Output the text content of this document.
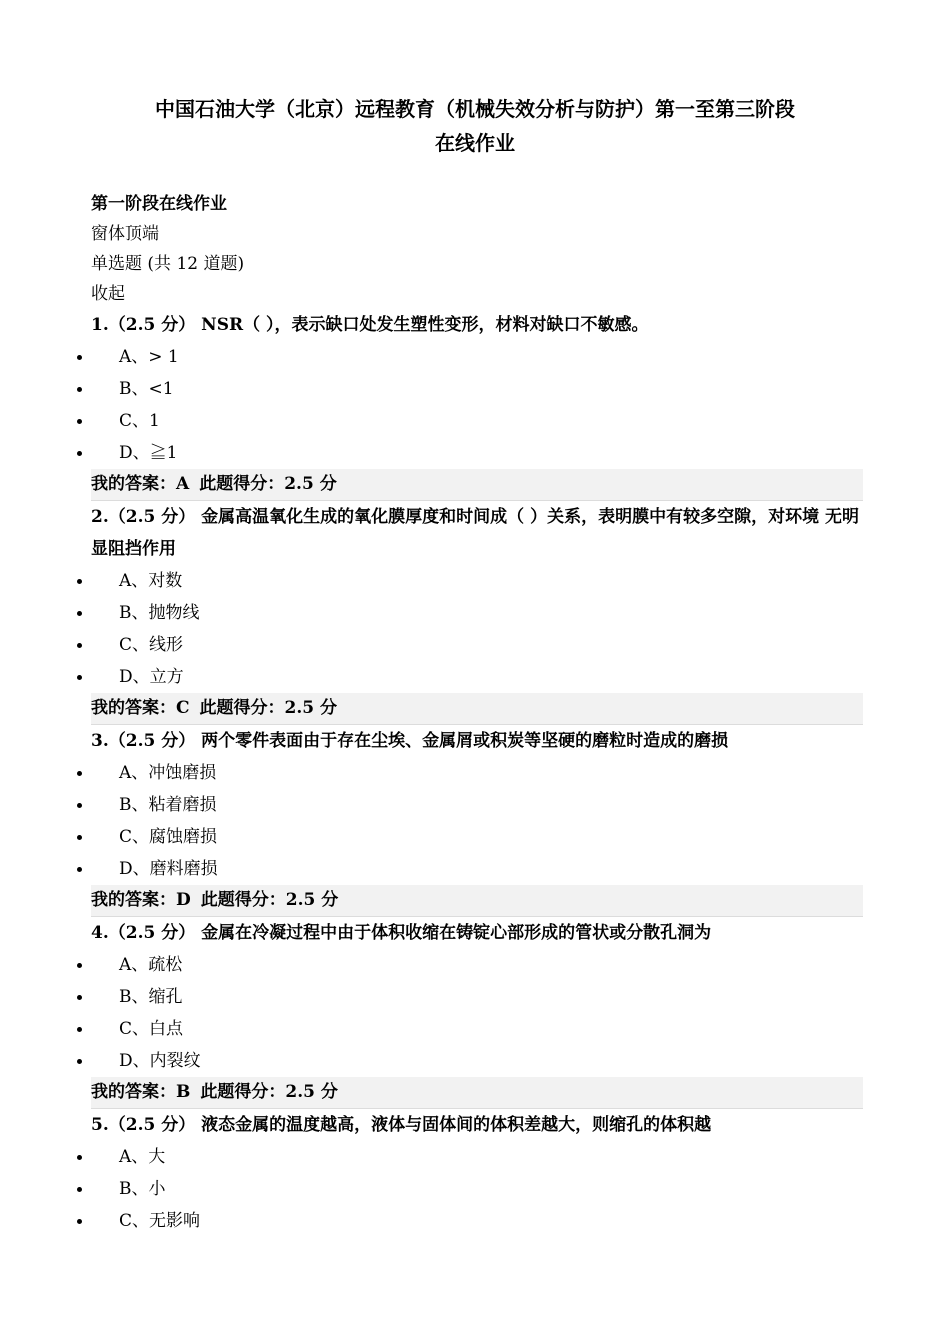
中国石油大学（北京）远程教育（机械失效分析与防护）第一至第三阶段
在线作业
第一阶段在线作业
窗体顶端
单选题 (共 12 道题)
收起
1.（2.5 分） NSR（ ），表示缺口处发生塑性变形，材料对缺口不敏感。
A、> 1
B、<1
C、1
D、≧1
我的答案：A 此题得分：2.5 分
2.（2.5 分） 金属高温氧化生成的氧化膜厚度和时间成（ ）关系，表明膜中有较多空隙，对环境 无明显阻挡作用
A、对数
B、抛物线
C、线形
D、立方
我的答案：C 此题得分：2.5 分
3.（2.5 分） 两个零件表面由于存在尘埃、金属屑或积炭等坚硬的磨粒时造成的磨损
A、冲蚀磨损
B、粘着磨损
C、腐蚀磨损
D、磨料磨损
我的答案：D 此题得分：2.5 分
4.（2.5 分） 金属在冷凝过程中由于体积收缩在铸锭心部形成的管状或分散孔洞为
A、疏松
B、缩孔
C、白点
D、内裂纹
我的答案：B 此题得分：2.5 分
5.（2.5 分） 液态金属的温度越高，液体与固体间的体积差越大，则缩孔的体积越
A、大
B、小
C、无影响
